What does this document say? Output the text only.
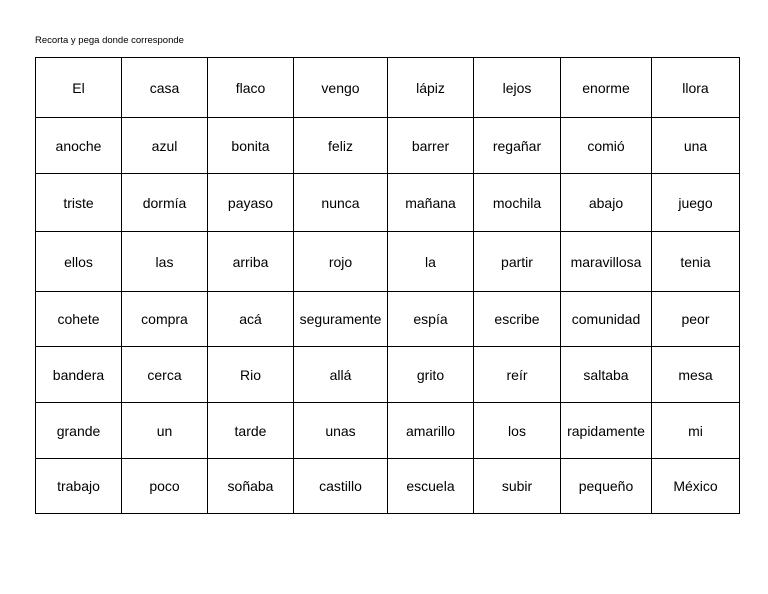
Recorta y pega donde corresponde
El	casa	flaco	vengo	lápiz	lejos	enorme	llora
anoche	azul	bonita	feliz	barrer	regañar	comió	una
triste	dormía	payaso	nunca	mañana	mochila	abajo	juego
ellos	las	arriba	rojo	la	partir	maravillosa	tenia
cohete	compra	acá	seguramente	espía	escribe	comunidad	peor
bandera	cerca	Rio	allá	grito	reír	saltaba	mesa
grande	un	tarde	unas	amarillo	los	rapidamente	mi
trabajo	poco	soñaba	castillo	escuela	subir	pequeño	México
